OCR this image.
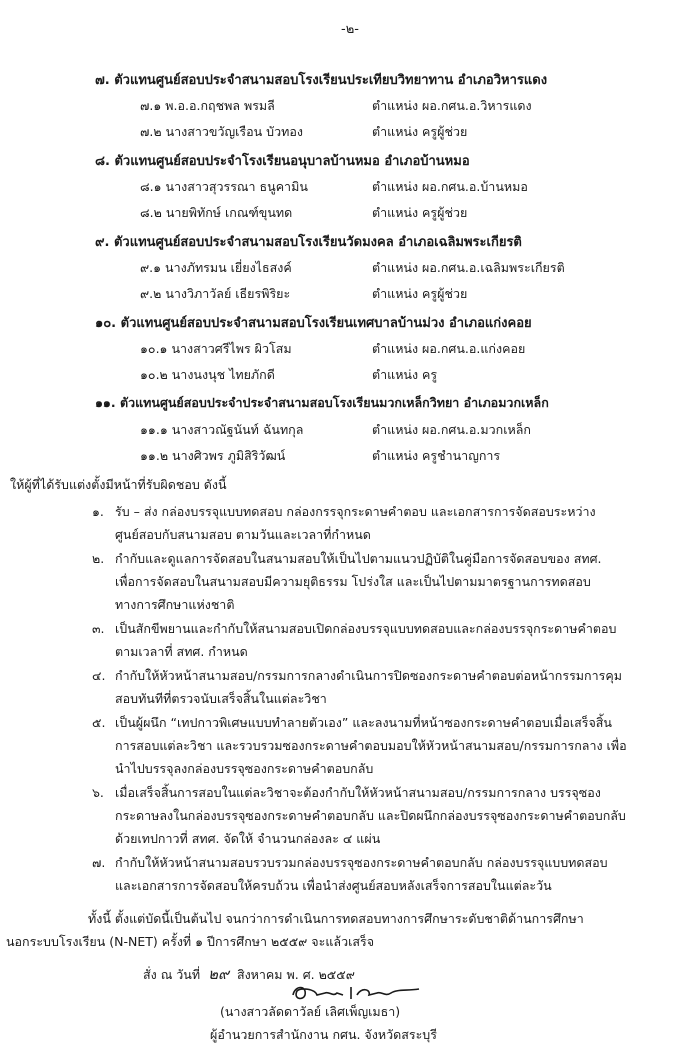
-๒-
๗. ตัวแทนศูนย์สอบประจำสนามสอบโรงเรียนประเทียบวิทยาทาน อำเภอวิหารแดง
๗.๑ พ.อ.อ.กฤชพล พรมลี	ตำแหน่ง ผอ.กศน.อ.วิหารแดง
๗.๒ นางสาวขวัญเรือน บัวทอง	ตำแหน่ง ครูผู้ช่วย
๘. ตัวแทนศูนย์สอบประจำโรงเรียนอนุบาลบ้านหมอ อำเภอบ้านหมอ
๘.๑ นางสาวสุวรรณา ธนูคามิน	ตำแหน่ง ผอ.กศน.อ.บ้านหมอ
๘.๒ นายพิทักษ์ เกณฑ์ขุนทด	ตำแหน่ง ครูผู้ช่วย
๙. ตัวแทนศูนย์สอบประจำสนามสอบโรงเรียนวัดมงคล อำเภอเฉลิมพระเกียรติ
๙.๑ นางภัทรมน เยี่ยงไธสงค์	ตำแหน่ง ผอ.กศน.อ.เฉลิมพระเกียรติ
๙.๒ นางวิภาวัลย์ เธียรพิริยะ	ตำแหน่ง ครูผู้ช่วย
๑๐. ตัวแทนศูนย์สอบประจำสนามสอบโรงเรียนเทศบาลบ้านม่วง อำเภอแก่งคอย
๑๐.๑ นางสาวศรีไพร ผิวโสม	ตำแหน่ง ผอ.กศน.อ.แก่งคอย
๑๐.๒ นางนงนุช ไทยภักดี	ตำแหน่ง ครู
๑๑. ตัวแทนศูนย์สอบประจำประจำสนามสอบโรงเรียนมวกเหล็กวิทยา อำเภอมวกเหล็ก
๑๑.๑ นางสาวณัฐนันท์ ฉันทกุล	ตำแหน่ง ผอ.กศน.อ.มวกเหล็ก
๑๑.๒ นางศิวพร ภูมิสิริวัฒน์	ตำแหน่ง ครูชำนาญการ
ให้ผู้ที่ได้รับแต่งตั้งมีหน้าที่รับผิดชอบ ดังนี้
๑. รับ – ส่ง กล่องบรรจุแบบทดสอบ กล่องกรรจุกระดาษคำตอบ และเอกสารการจัดสอบระหว่าง
ศูนย์สอบกับสนามสอบ ตามวันและเวลาที่กำหนด
๒. กำกับและดูแลการจัดสอบในสนามสอบให้เป็นไปตามแนวปฏิบัติในคู่มือการจัดสอบของ สทศ.
เพื่อการจัดสอบในสนามสอบมีความยุติธรรม โปร่งใส และเป็นไปตามมาตรฐานการทดสอบ
ทางการศึกษาแห่งชาติ
๓. เป็นสักขีพยานและกำกับให้สนามสอบเปิดกล่องบรรจุแบบทดสอบและกล่องบรรจุกระดาษคำตอบ
ตามเวลาที่ สทศ. กำหนด
๔. กำกับให้หัวหน้าสนามสอบ/กรรมการกลางดำเนินการปิดซองกระดาษคำตอบต่อหน้ากรรมการคุม
สอบทันทีที่ตรวจนับเสร็จสิ้นในแต่ละวิชา
๕. เป็นผู้ผนึก “เทปกาวพิเศษแบบทำลายตัวเอง” และลงนามที่หน้าซองกระดาษคำตอบเมื่อเสร็จสิ้น
การสอบแต่ละวิชา และรวบรวมซองกระดาษคำตอบมอบให้หัวหน้าสนามสอบ/กรรมการกลาง เพื่อ
นำไปบรรจุลงกล่องบรรจุซองกระดาษคำตอบกลับ
๖. เมื่อเสร็จสิ้นการสอบในแต่ละวิชาจะต้องกำกับให้หัวหน้าสนามสอบ/กรรมการกลาง บรรจุซอง
กระดาษลงในกล่องบรรจุซองกระดาษคำตอบกลับ และปิดผนึกกล่องบรรจุซองกระดาษคำตอบกลับ
ด้วยเทปกาวที่ สทศ. จัดให้ จำนวนกล่องละ ๔ แผ่น
๗. กำกับให้หัวหน้าสนามสอบรวบรวมกล่องบรรจุซองกระดาษคำตอบกลับ กล่องบรรจุแบบทดสอบ
และเอกสารการจัดสอบให้ครบถ้วน เพื่อนำส่งศูนย์สอบหลังเสร็จการสอบในแต่ละวัน
ทั้งนี้ ตั้งแต่บัดนี้เป็นต้นไป จนกว่าการดำเนินการทดสอบทางการศึกษาระดับชาติด้านการศึกษา
นอกระบบโรงเรียน (N-NET) ครั้งที่ ๑ ปีการศึกษา ๒๕๕๙ จะแล้วเสร็จ
สั่ง ณ วันที่ ๒๙ สิงหาคม พ. ศ. ๒๕๕๙
(นางสาวลัดดาวัลย์ เลิศเพ็ญเมธา)
ผู้อำนวยการสำนักงาน กศน. จังหวัดสระบุรี
